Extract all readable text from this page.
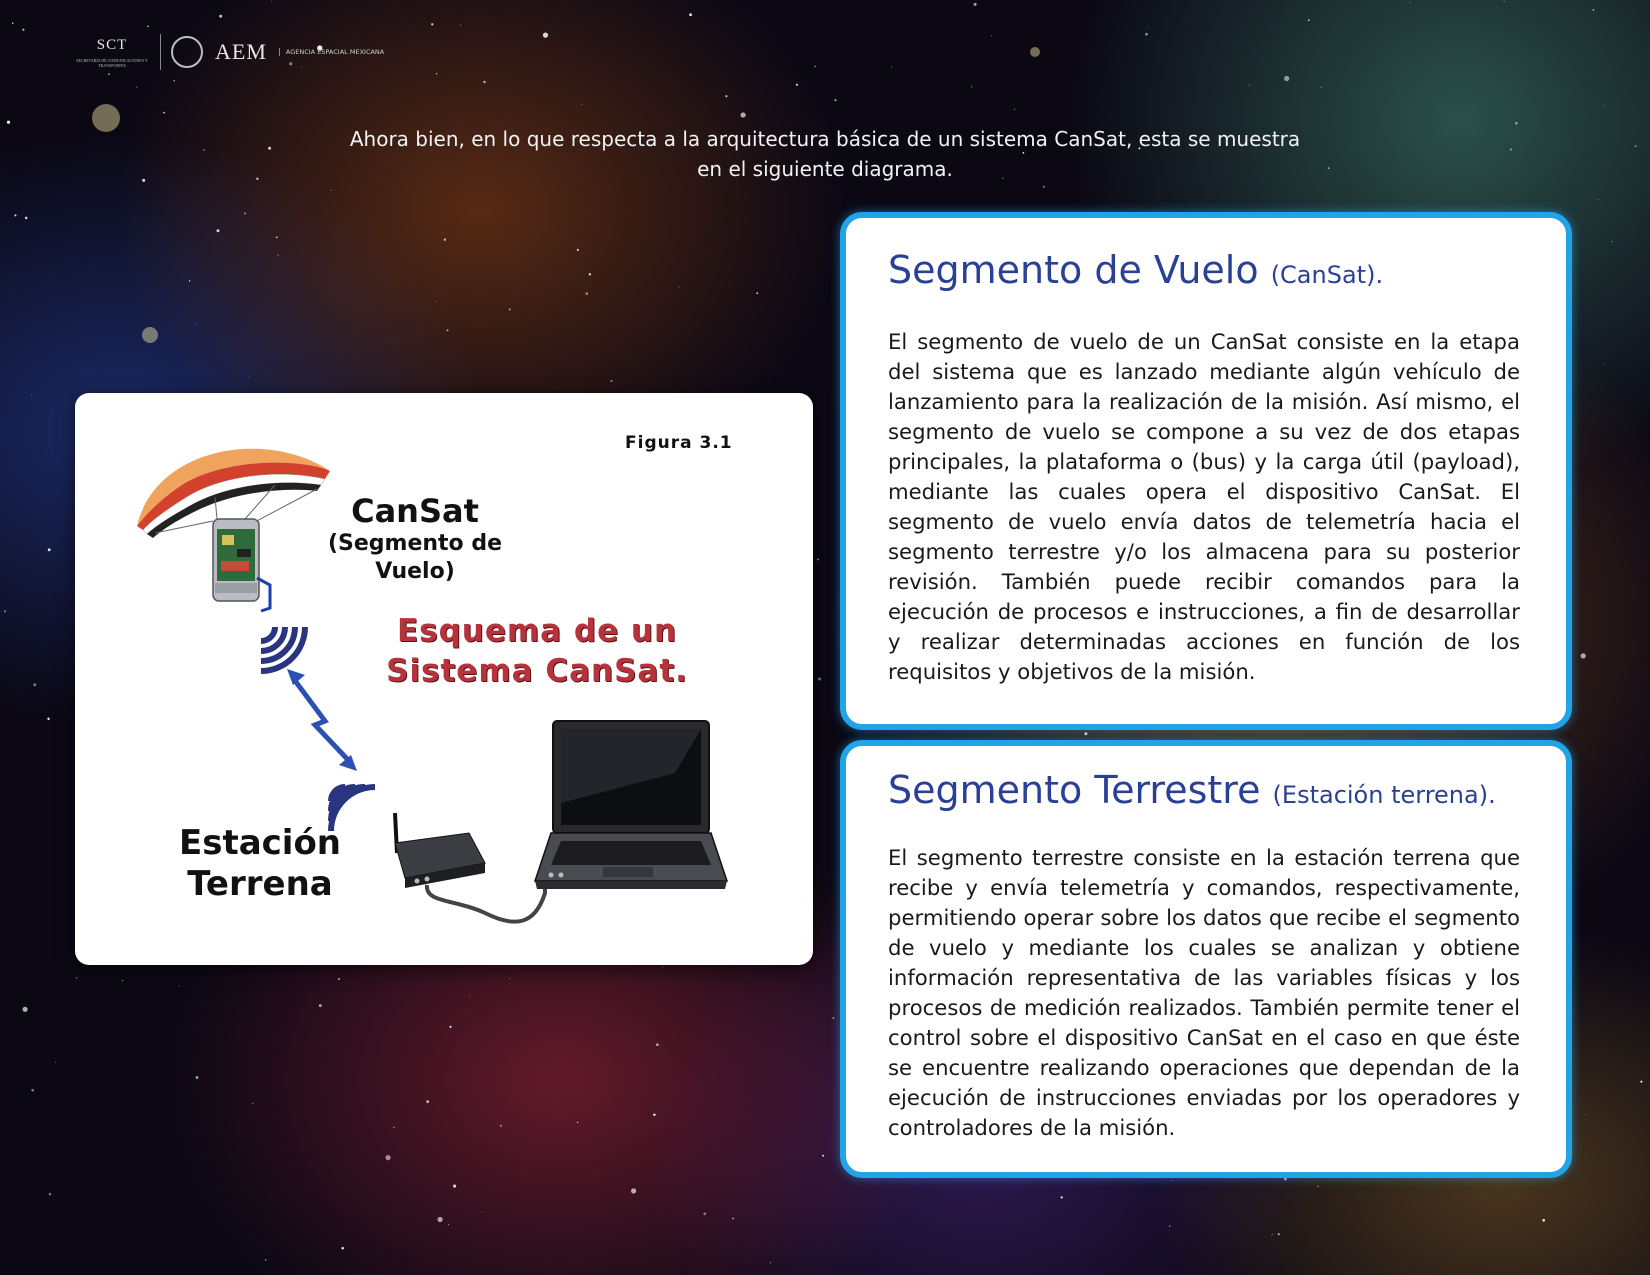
SCT
SECRETARÍA DE COMUNICACIONES Y TRANSPORTES
AEM	AGENCIA ESPACIAL MEXICANA
Ahora bien, en lo que respecta a la arquitectura básica de un sistema CanSat, esta se muestra en el siguiente diagrama.
Figura 3.1
CanSat
(Segmento de Vuelo)
Esquema de un Sistema CanSat.
Estación Terrena
Segmento de Vuelo (CanSat).

El segmento de vuelo de un CanSat consiste en la etapa del sistema que es lanzado mediante algún vehículo de lanzamiento para la realización de la misión. Así mismo, el segmento de vuelo se compone a su vez de dos etapas principales, la plataforma o (bus) y la carga útil (payload), mediante las cuales opera el dispositivo CanSat. El segmento de vuelo envía datos de telemetría hacia el segmento terrestre y/o los almacena para su posterior revisión. También puede recibir comandos para la ejecución de procesos e instrucciones, a fin de desarrollar y realizar determinadas acciones en función de los requisitos y objetivos de la misión.

Segmento Terrestre (Estación terrena).

El segmento terrestre consiste en la estación terrena que recibe y envía telemetría y comandos, respectivamente, permitiendo operar sobre los datos que recibe el segmento de vuelo y mediante los cuales se analizan y obtiene información representativa de las variables físicas y los procesos de medición realizados. También permite tener el control sobre el dispositivo CanSat en el caso en que éste se encuentre realizando operaciones que dependan de la ejecución de instrucciones enviadas por los operadores y controladores de la misión.
